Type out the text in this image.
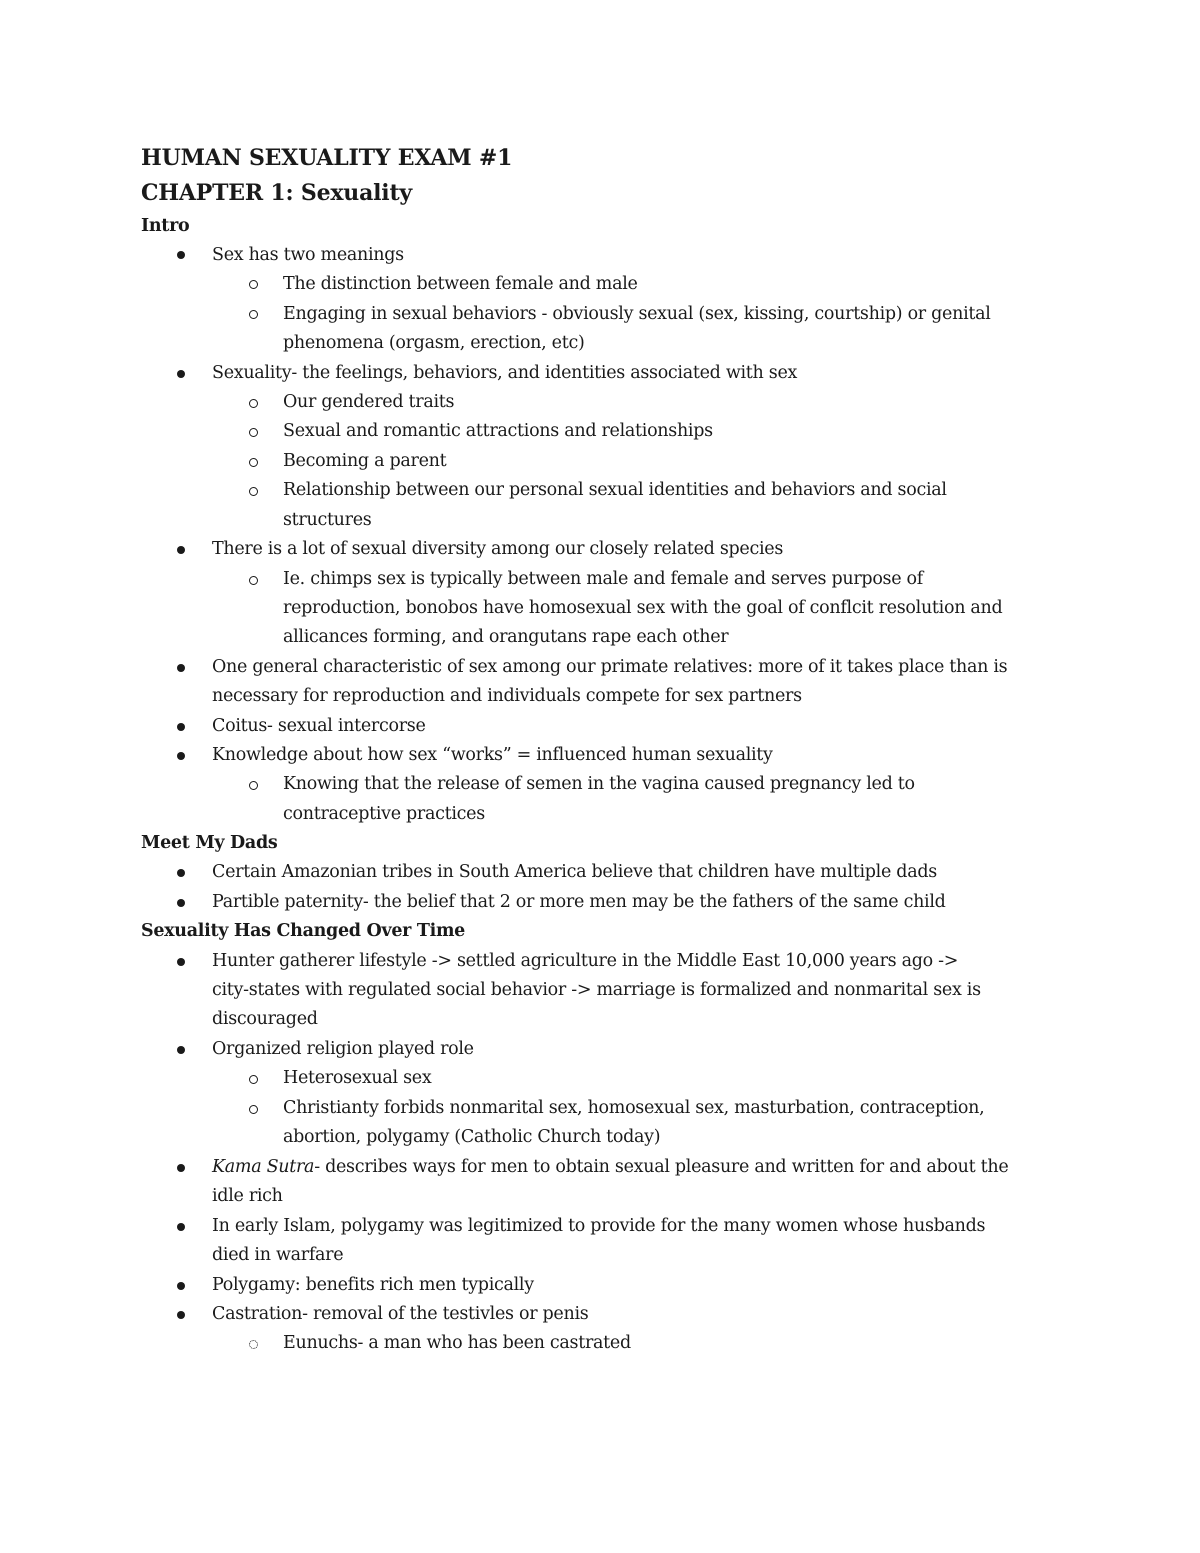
HUMAN SEXUALITY EXAM #1
CHAPTER 1: Sexuality
Intro
Sex has two meanings
The distinction between female and male
Engaging in sexual behaviors - obviously sexual (sex, kissing, courtship) or genital
phenomena (orgasm, erection, etc)
Sexuality- the feelings, behaviors, and identities associated with sex
Our gendered traits
Sexual and romantic attractions and relationships
Becoming a parent
Relationship between our personal sexual identities and behaviors and social
structures
There is a lot of sexual diversity among our closely related species
Ie. chimps sex is typically between male and female and serves purpose of
reproduction, bonobos have homosexual sex with the goal of conflcit resolution and
allicances forming, and orangutans rape each other
One general characteristic of sex among our primate relatives: more of it takes place than is
necessary for reproduction and individuals compete for sex partners
Coitus- sexual intercorse
Knowledge about how sex “works” = influenced human sexuality
Knowing that the release of semen in the vagina caused pregnancy led to
contraceptive practices
Meet My Dads
Certain Amazonian tribes in South America believe that children have multiple dads
Partible paternity- the belief that 2 or more men may be the fathers of the same child
Sexuality Has Changed Over Time
Hunter gatherer lifestyle -> settled agriculture in the Middle East 10,000 years ago ->
city-states with regulated social behavior -> marriage is formalized and nonmarital sex is
discouraged
Organized religion played role
Heterosexual sex
Christianty forbids nonmarital sex, homosexual sex, masturbation, contraception,
abortion, polygamy (Catholic Church today)
Kama Sutra- describes ways for men to obtain sexual pleasure and written for and about the
idle rich
In early Islam, polygamy was legitimized to provide for the many women whose husbands
died in warfare
Polygamy: benefits rich men typically
Castration- removal of the testivles or penis
Eunuchs- a man who has been castrated
